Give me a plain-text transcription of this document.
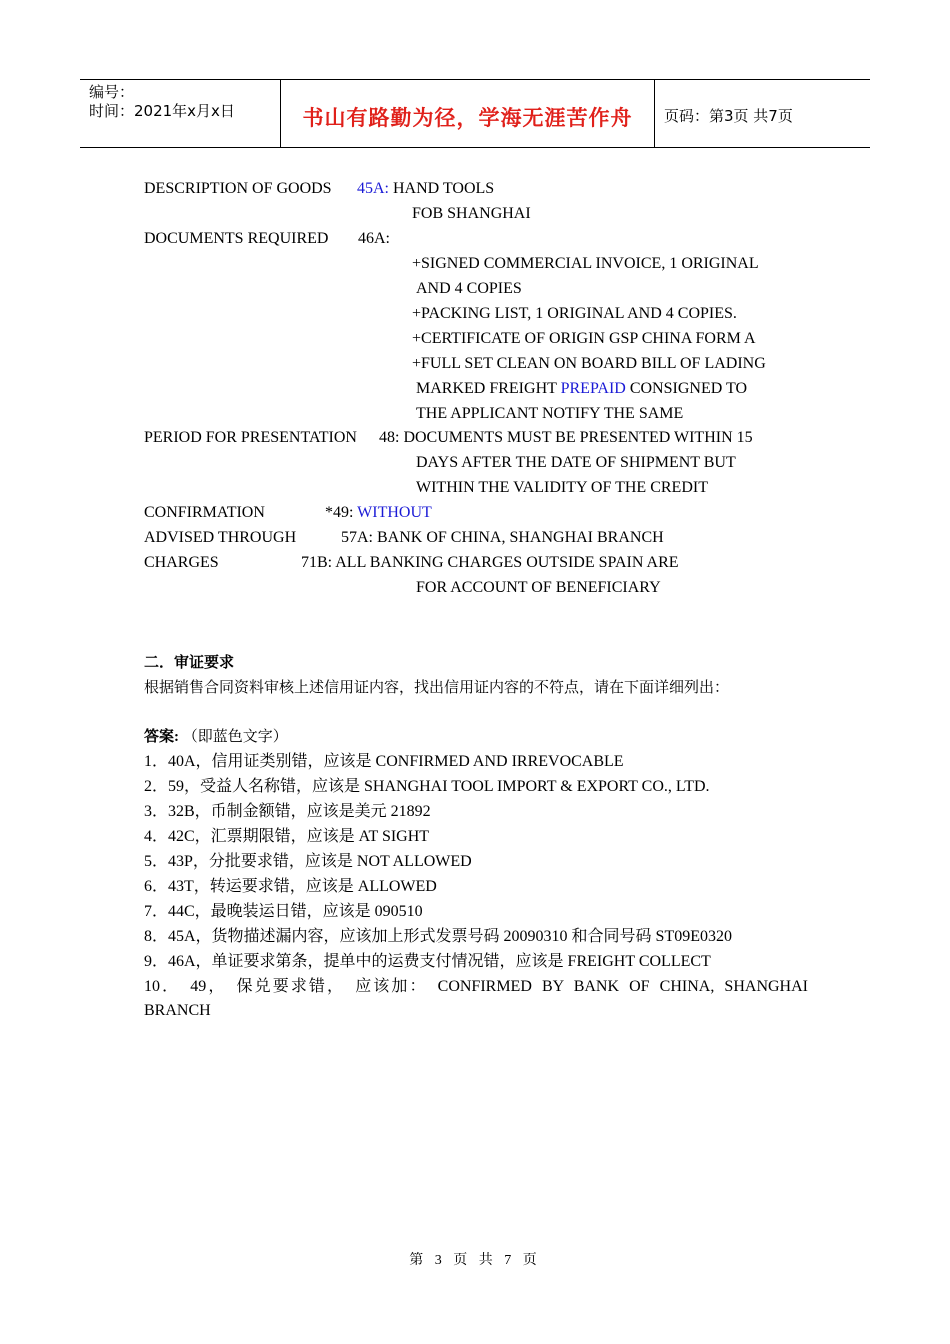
编号：
时间：2021年x月x日	书山有路勤为径，学海无涯苦作舟	页码：第3页 共7页
DESCRIPTION OF GOODS 45A: HAND TOOLS
FOB SHANGHAI
DOCUMENTS REQUIRED 46A:
+SIGNED COMMERCIAL INVOICE, 1 ORIGINAL
AND 4 COPIES
+PACKING LIST, 1 ORIGINAL AND 4 COPIES.
+CERTIFICATE OF ORIGIN GSP CHINA FORM A
+FULL SET CLEAN ON BOARD BILL OF LADING
MARKED FREIGHT PREPAID CONSIGNED TO
THE APPLICANT NOTIFY THE SAME
PERIOD FOR PRESENTATION 48: DOCUMENTS MUST BE PRESENTED WITHIN 15
DAYS AFTER THE DATE OF SHIPMENT BUT
WITHIN THE VALIDITY OF THE CREDIT
CONFIRMATION	*49: WITHOUT
ADVISED THROUGH	57A: BANK OF CHINA, SHANGHAI BRANCH
CHARGES	71B: ALL BANKING CHARGES OUTSIDE SPAIN ARE
FOR ACCOUNT OF BENEFICIARY
二．审证要求
根据销售合同资料审核上述信用证内容，找出信用证内容的不符点，请在下面详细列出：
答案: （即蓝色文字）
1．40A，信用证类别错，应该是 CONFIRMED AND IRREVOCABLE
2．59，受益人名称错，应该是 SHANGHAI TOOL IMPORT & EXPORT CO., LTD.
3．32B，币制金额错，应该是美元 21892
4．42C，汇票期限错，应该是 AT SIGHT
5．43P，分批要求错，应该是 NOT ALLOWED
6．43T，转运要求错，应该是 ALLOWED
7．44C，最晚装运日错，应该是 090510
8．45A，货物描述漏内容，应该加上形式发票号码 20090310 和合同号码 ST09E0320
9．46A，单证要求第条，提单中的运费支付情况错，应该是 FREIGHT COLLECT
10． 49， 保兑要求错， 应该加： CONFIRMED BY BANK OF CHINA, SHANGHAI
BRANCH
第 3 页 共 7 页
